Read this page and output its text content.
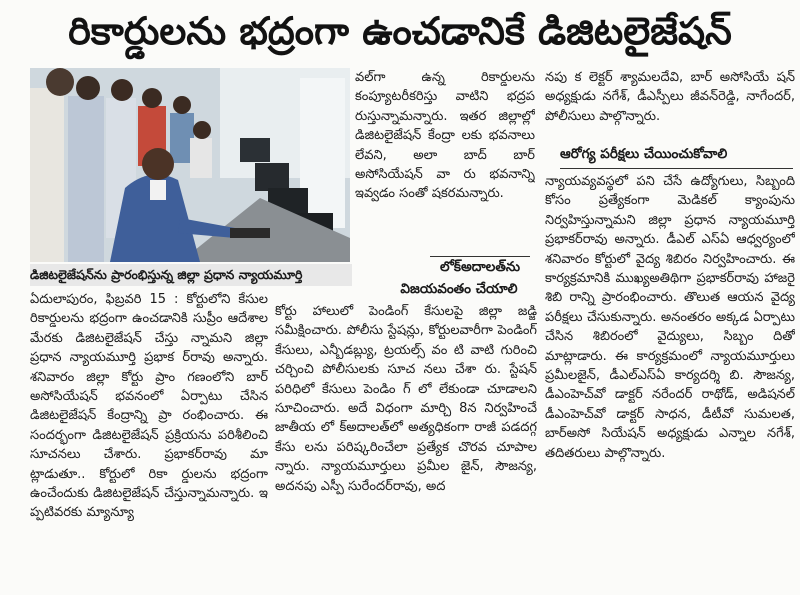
రికార్డులను భద్రంగా ఉంచడానికే డిజిటలైజేషన్
డిజిటలైజేషన్‌ను ప్రారంభిస్తున్న జిల్లా ప్రధాన న్యాయమూర్తి

ఏదులాపురం, ఫిబ్రవరి 15 : కోర్టులోని కేసుల రికార్డులను భద్రంగా ఉంచడానికి సుప్రీం ఆదేశాల మేరకు డిజిటలైజేషన్ చేస్తు న్నామని జిల్లా ప్రధాన న్యాయమూర్తి ప్రభాక ర్‌రావు అన్నారు. శనివారం జిల్లా కోర్టు ప్రాం గణంలోని బార్ అసోసియేషన్ భవనంలో ఏర్పాటు చేసిన డిజిటలైజేషన్ కేంద్రాన్ని ప్రా రంభించారు. ఈ సందర్భంగా డిజిటలైజేషన్ ప్రక్రియను పరిశీలించి సూచనలు చేశారు. ప్రభాకర్‌రావు మా ట్లాడుతూ.. కోర్టులో రికా ర్డులను భద్రంగా ఉంచేందుకు డిజిటలైజేషన్ చేస్తున్నామన్నారు. ఇ ప్పటివరకు మ్యాన్యూ

వల్‌గా ఉన్న రికార్డులను కంప్యూటరీకరిస్తు వాటిని భద్రప రుస్తున్నామన్నారు. ఇతర జిల్లాల్లో డిజిటలైజేషన్ కేంద్రా లకు భవనాలు లేవని, అలా బాద్ బార్ అసోసియేషన్ వా రు భవనాన్ని ఇవ్వడం సంతో షకరమన్నారు.

లోక్‌అదాలత్‌ను
విజయవంతం చేయాలి

కోర్టు హాలులో పెండింగ్ కేసులపై జిల్లా జడ్జి సమీక్షించారు. పోలీసు స్టేషన్లు, కోర్టులవారీగా పెండింగ్ కేసులు, ఎన్బీడబ్ల్యు, ట్రయల్స్ వం టి వాటి గురించి చర్చించి పోలీసులకు సూచ నలు చేశా రు. స్టేషన్ పరిధిలో కేసులు పెండిం గ్ లో లేకుండా చూడాలని సూచించారు. అదే విధంగా మార్చి 8న నిర్వహించే జాతీయ లో క్‌అదాలత్‌లో అత్యధికంగా రాజీ పడదగ్గ కేసు లను పరిష్కరించేలా ప్రత్యేక చొరవ చూపాల న్నారు. న్యాయమూర్తులు ప్రమీల జైన్, సౌజన్య, అదనపు ఎస్పీ సురేందర్‌రావు, అద

నపు క లెక్టర్ శ్యామలదేవి, బార్ అసోసియే షన్ అధ్యక్షుడు నగేశ్, డీఎస్పీలు జీవన్‌రెడ్డి, నాగేందర్, పోలీసులు పాల్గొన్నారు.

ఆరోగ్య పరీక్షలు చేయించుకోవాలి

న్యాయవ్యవస్థలో పని చేసే ఉద్యోగులు, సిబ్బంది కోసం ప్రత్యేకంగా మెడికల్ క్యాంపును నిర్వహిస్తున్నామని జిల్లా ప్రధాన న్యాయమూర్తి ప్రభాకర్‌రావు అన్నారు. డీఎల్ ఎస్ఏ ఆధ్వర్యంలో శనివారం కోర్టులో వైద్య శిబిరం నిర్వహించారు. ఈ కార్యక్రమానికి ముఖ్యఅతిథిగా ప్రభాకర్‌రావు హాజరై శిబి రాన్ని ప్రారంభించారు. తొలుత ఆయన వైద్య పరీక్షలు చేసుకున్నారు. అనంతరం అక్కడ ఏర్పాటు చేసిన శిబిరంలో వైద్యులు, సిబ్బం దితో మాట్లాడారు. ఈ కార్యక్రమంలో న్యాయమూర్తులు ప్రమీలజైన్, డీఎల్ఎస్ఏ కార్యదర్శి బి. సౌజన్య, డీఎంహెచ్‌వో డాక్టర్ నరేందర్ రాథోడ్, అడిషనల్ డీఎంహెచ్‌వో డాక్టర్ సాధన, డీటీవో సుమలత, బార్‌అసో సియేషన్ అధ్యక్షుడు ఎన్నాల నగేశ్, తదితరులు పాల్గొన్నారు.
